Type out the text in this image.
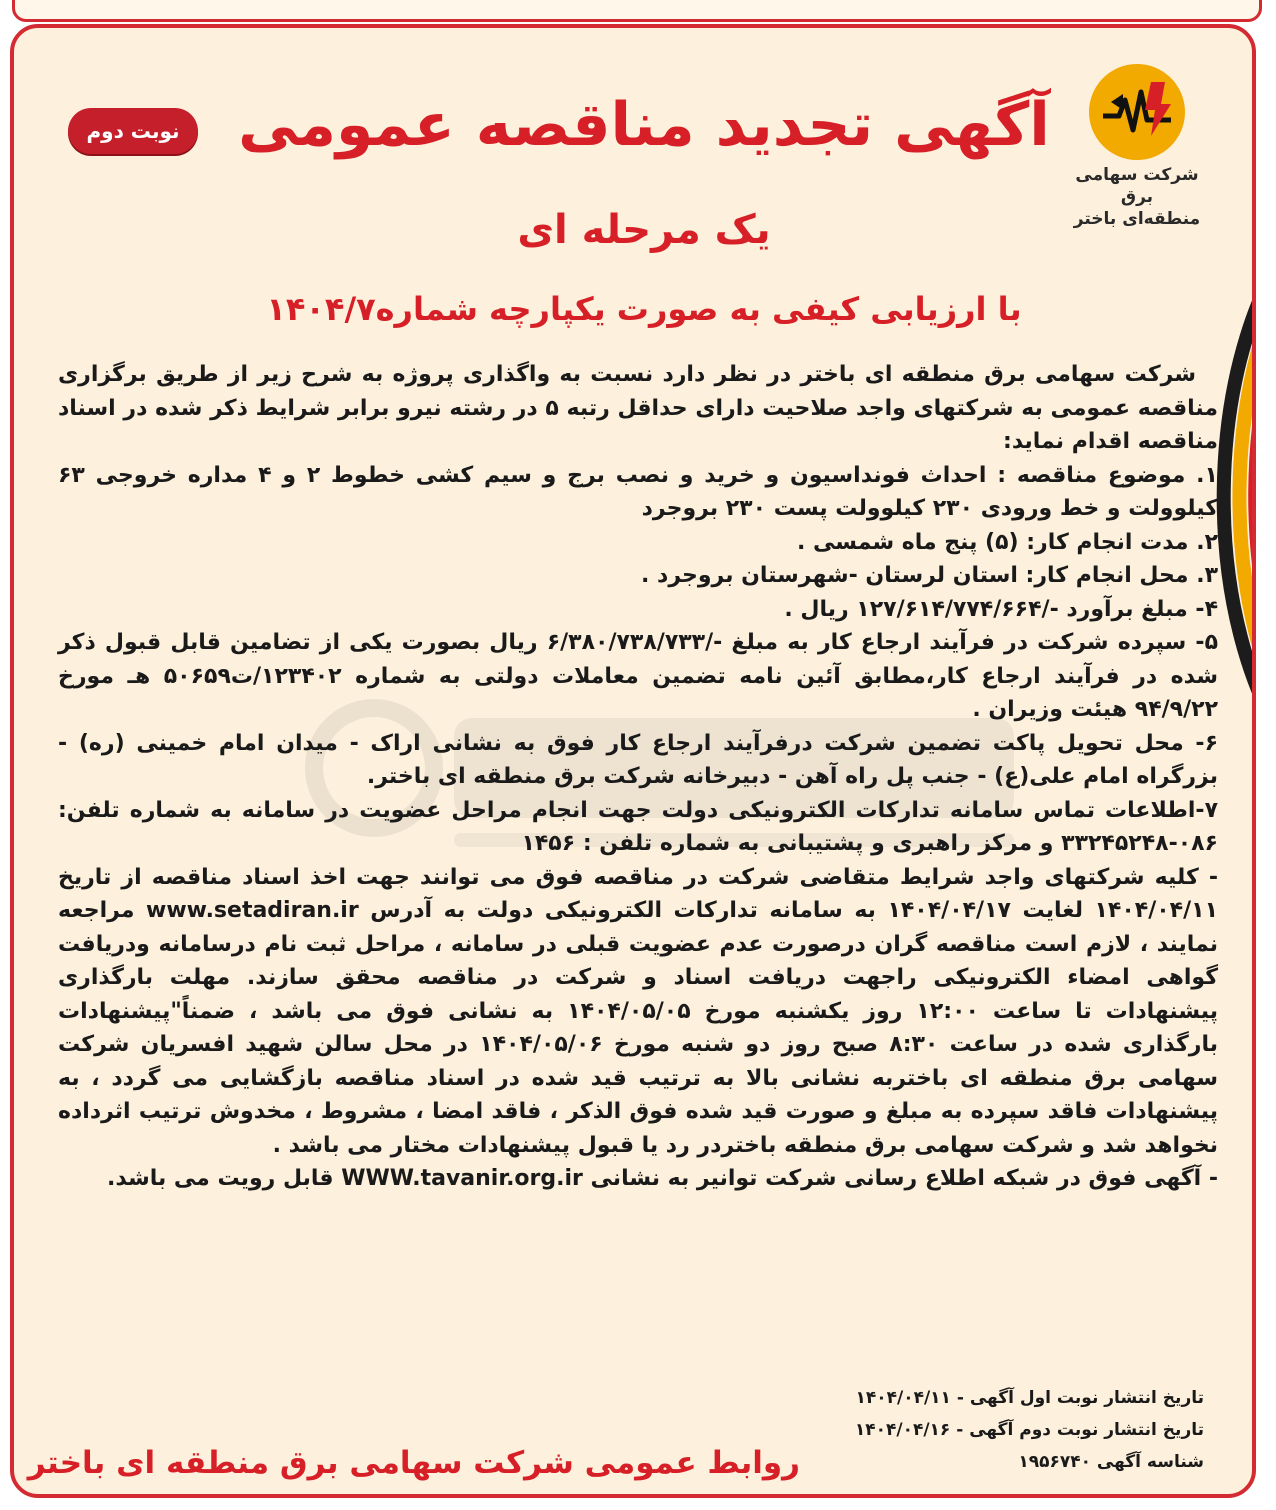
شرکت سهامی برق
منطقه‌ای باختر
نوبت دوم آگهی تجدید مناقصه عمومی
یک مرحله ای
با ارزیابی کیفی به صورت یکپارچه شماره۱۴۰۴/۷

شرکت سهامی برق منطقه ای باختر در نظر دارد نسبت به واگذاری پروژه به شرح زیر از طریق برگزاری مناقصه عمومی به شرکتهای واجد صلاحیت دارای حداقل رتبه ۵ در رشته نیرو برابر شرایط ذکر شده در اسناد مناقصه اقدام نماید:

۱. موضوع مناقصه : احداث فونداسیون و خرید و نصب برج و سیم کشی خطوط ۲ و ۴ مداره خروجی ۶۳ کیلوولت و خط ورودی ۲۳۰ کیلوولت پست ۲۳۰ بروجرد

۲. مدت انجام کار: (۵) پنج ماه شمسی .

۳. محل انجام کار: استان لرستان -شهرستان بروجرد .

۴- مبلغ برآورد -/۱۲۷/۶۱۴/۷۷۴/۶۶۴ ریال .

۵- سپرده شرکت در فرآیند ارجاع کار به مبلغ -/۶/۳۸۰/۷۳۸/۷۳۳ ریال بصورت یکی از تضامین قابل قبول ذکر شده در فرآیند ارجاع کار،مطابق آئین نامه تضمین معاملات دولتی به شماره ۱۲۳۴۰۲/ت۵۰۶۵۹ هـ مورخ ۹۴/۹/۲۲ هیئت وزیران .

۶- محل تحویل پاکت تضمین شرکت درفرآیند ارجاع کار فوق به نشانی اراک - میدان امام خمینی (ره) - بزرگراه امام علی(ع) - جنب پل راه آهن - دبیرخانه شرکت برق منطقه ای باختر.

۷-اطلاعات تماس سامانه تدارکات الکترونیکی دولت جهت انجام مراحل عضویت در سامانه به شماره تلفن: ۰۸۶-۳۳۲۴۵۲۴۸ و مرکز راهبری و پشتیبانی به شماره تلفن : ۱۴۵۶

- کلیه شرکتهای واجد شرایط متقاضی شرکت در مناقصه فوق می توانند جهت اخذ اسناد مناقصه از تاریخ ۱۴۰۴/۰۴/۱۱ لغایت ۱۴۰۴/۰۴/۱۷ به سامانه تدارکات الکترونیکی دولت به آدرس www.setadiran.ir مراجعه نمایند ، لازم است مناقصه گران درصورت عدم عضویت قبلی در سامانه ، مراحل ثبت نام درسامانه ودریافت گواهی امضاء الکترونیکی راجهت دریافت اسناد و شرکت در مناقصه محقق سازند. مهلت بارگذاری پیشنهادات تا ساعت ۱۲:۰۰ روز یکشنبه مورخ ۱۴۰۴/۰۵/۰۵ به نشانی فوق می باشد ، ضمناً"پیشنهادات بارگذاری شده در ساعت ۸:۳۰ صبح روز دو شنبه مورخ ۱۴۰۴/۰۵/۰۶ در محل سالن شهید افسریان شرکت سهامی برق منطقه ای باختربه نشانی بالا به ترتیب قید شده در اسناد مناقصه بازگشایی می گردد ، به پیشنهادات فاقد سپرده به مبلغ و صورت قید شده فوق الذکر ، فاقد امضا ، مشروط ، مخدوش ترتیب اثرداده نخواهد شد و شرکت سهامی برق منطقه باختردر رد یا قبول پیشنهادات مختار می باشد .

- آگهی فوق در شبکه اطلاع رسانی شرکت توانیر به نشانی WWW.tavanir.org.ir قابل رویت می باشد.

تاریخ انتشار نوبت اول آگهی - ۱۴۰۴/۰۴/۱۱
تاریخ انتشار نوبت دوم آگهی - ۱۴۰۴/۰۴/۱۶
شناسه آگهی ۱۹۵۶۷۴۰
روابط عمومی شرکت سهامی برق منطقه ای باختر
